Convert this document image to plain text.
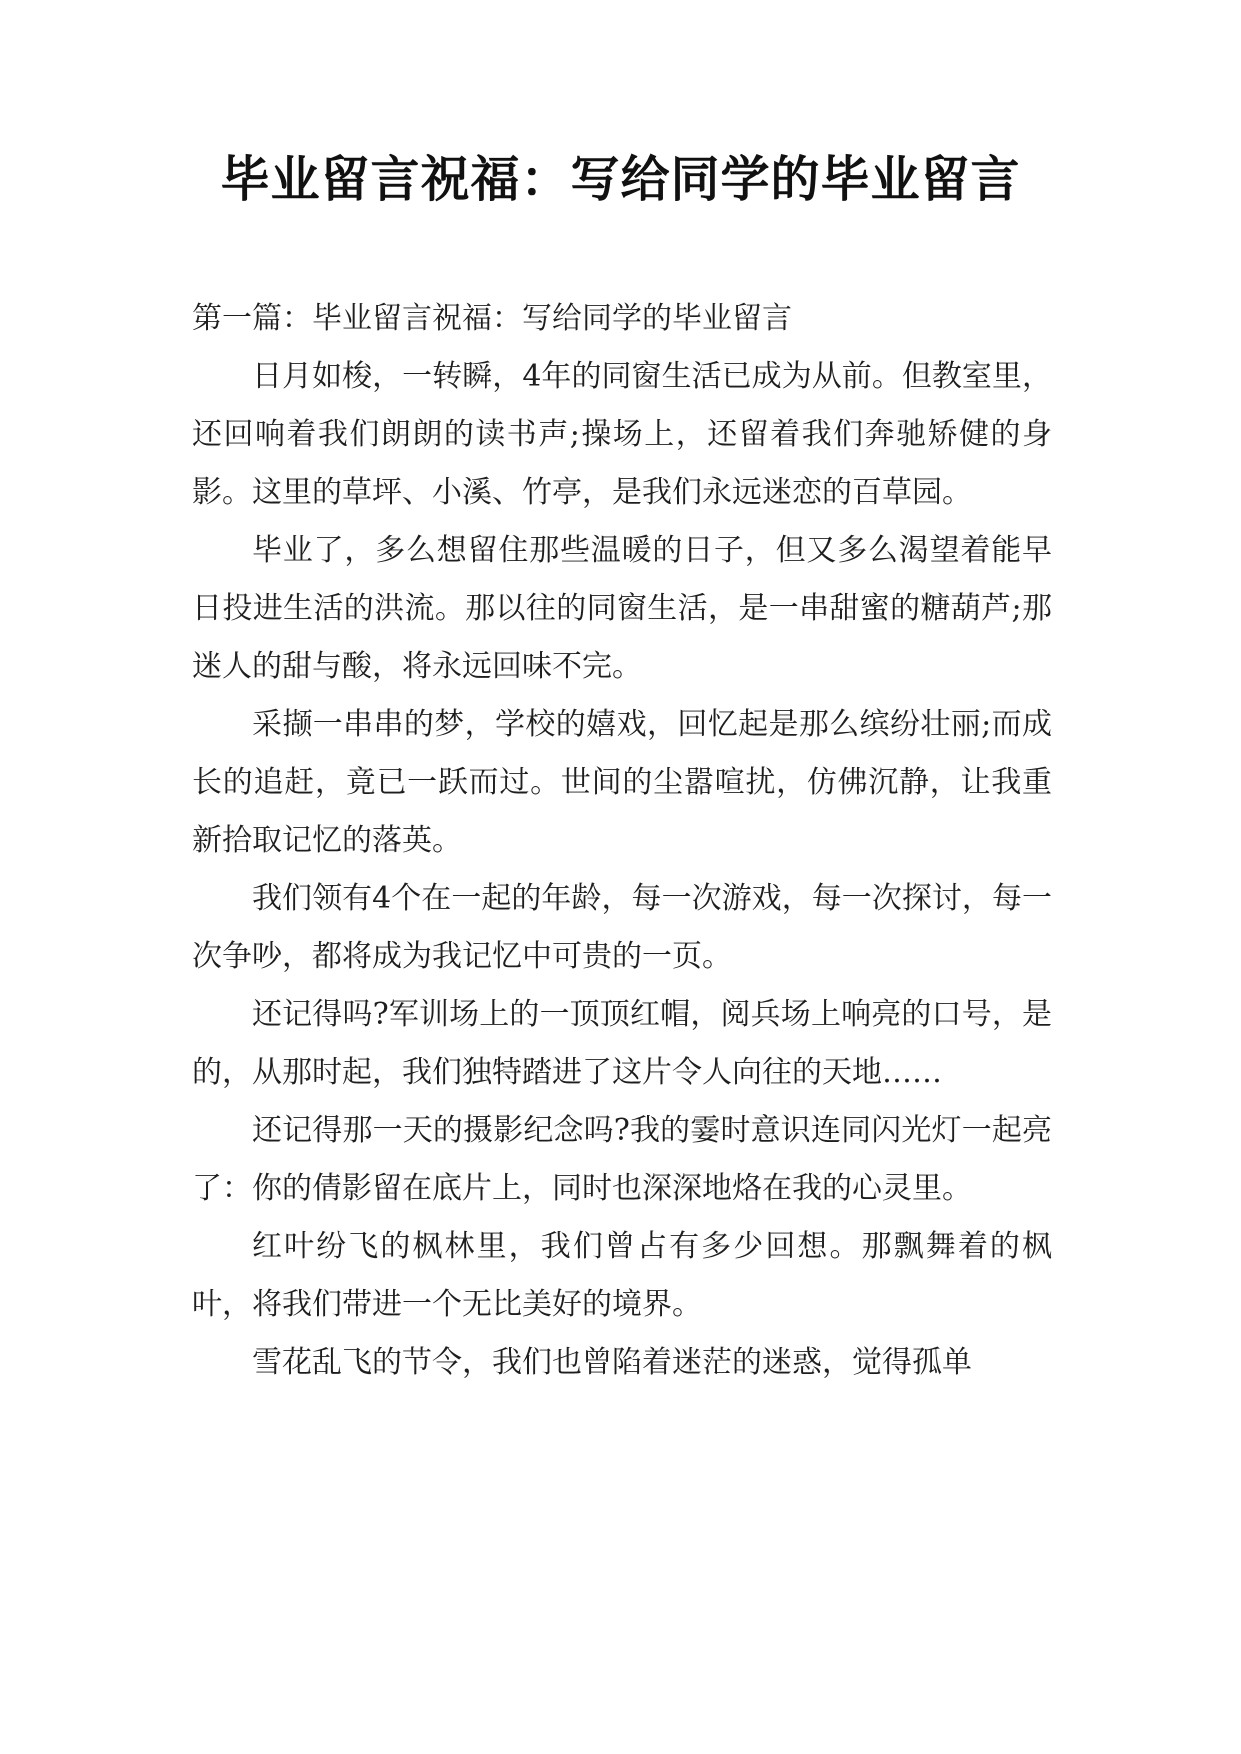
毕业留言祝福：写给同学的毕业留言

第一篇：毕业留言祝福：写给同学的毕业留言

日月如梭，一转瞬，4年的同窗生活已成为从前。但教室里，还回响着我们朗朗的读书声;操场上，还留着我们奔驰矫健的身影。这里的草坪、小溪、竹亭，是我们永远迷恋的百草园。

毕业了，多么想留住那些温暖的日子，但又多么渴望着能早日投进生活的洪流。那以往的同窗生活，是一串甜蜜的糖葫芦;那迷人的甜与酸，将永远回味不完。

采撷一串串的梦，学校的嬉戏，回忆起是那么缤纷壮丽;而成长的追赶，竟已一跃而过。世间的尘嚣喧扰，仿佛沉静，让我重新拾取记忆的落英。

我们领有4个在一起的年龄，每一次游戏，每一次探讨，每一次争吵，都将成为我记忆中可贵的一页。

还记得吗?军训场上的一顶顶红帽，阅兵场上响亮的口号，是的，从那时起，我们独特踏进了这片令人向往的天地……

还记得那一天的摄影纪念吗?我的霎时意识连同闪光灯一起亮了：你的倩影留在底片上，同时也深深地烙在我的心灵里。

红叶纷飞的枫林里，我们曾占有多少回想。那飘舞着的枫叶，将我们带进一个无比美好的境界。

雪花乱飞的节令，我们也曾陷着迷茫的迷惑，觉得孤单
